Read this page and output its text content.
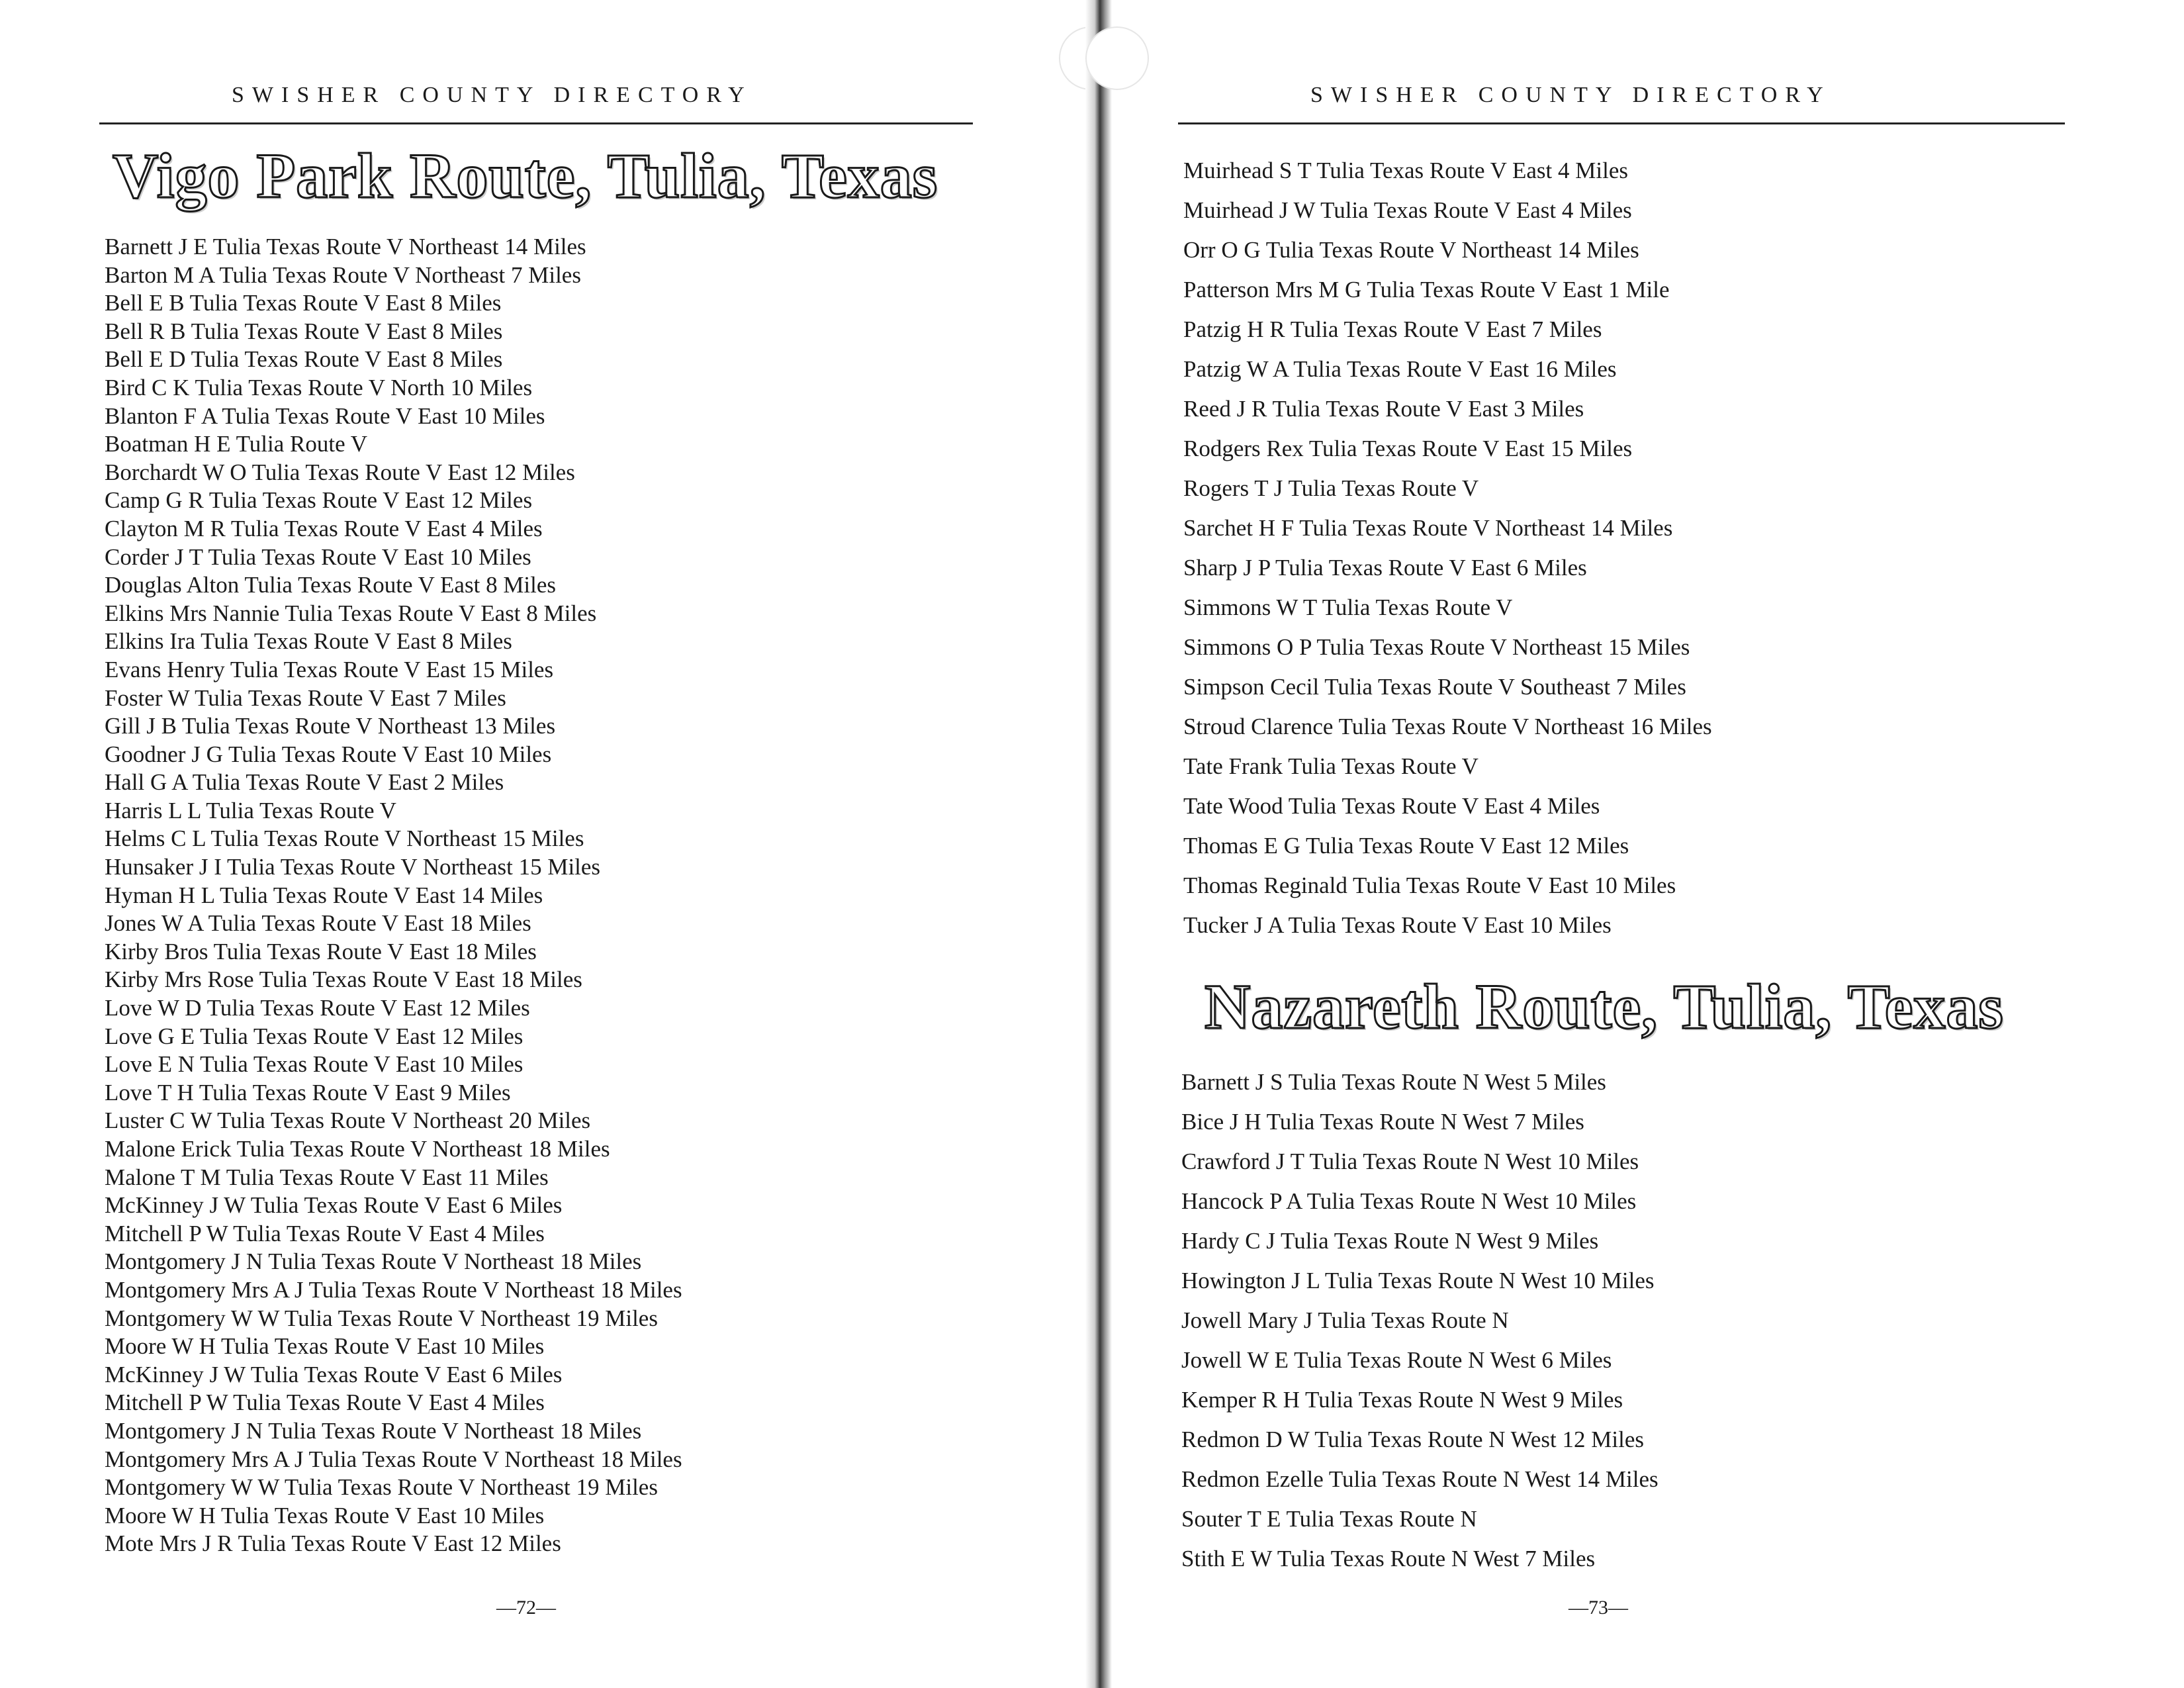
SWISHER COUNTY DIRECTORY
Vigo Park Route, Tulia, Texas
Barnett J E Tulia Texas Route V Northeast 14 Miles
Barton M A Tulia Texas Route V Northeast 7 Miles
Bell E B Tulia Texas Route V East 8 Miles
Bell R B Tulia Texas Route V East 8 Miles
Bell E D Tulia Texas Route V East 8 Miles
Bird C K Tulia Texas Route V North 10 Miles
Blanton F A Tulia Texas Route V East 10 Miles
Boatman H E Tulia Route V
Borchardt W O Tulia Texas Route V East 12 Miles
Camp G R Tulia Texas Route V East 12 Miles
Clayton M R Tulia Texas Route V East 4 Miles
Corder J T Tulia Texas Route V East 10 Miles
Douglas Alton Tulia Texas Route V East 8 Miles
Elkins Mrs Nannie Tulia Texas Route V East 8 Miles
Elkins Ira Tulia Texas Route V East 8 Miles
Evans Henry Tulia Texas Route V East 15 Miles
Foster W Tulia Texas Route V East 7 Miles
Gill J B Tulia Texas Route V Northeast 13 Miles
Goodner J G Tulia Texas Route V East 10 Miles
Hall G A Tulia Texas Route V East 2 Miles
Harris L L Tulia Texas Route V
Helms C L Tulia Texas Route V Northeast 15 Miles
Hunsaker J I Tulia Texas Route V Northeast 15 Miles
Hyman H L Tulia Texas Route V East 14 Miles
Jones W A Tulia Texas Route V East 18 Miles
Kirby Bros Tulia Texas Route V East 18 Miles
Kirby Mrs Rose Tulia Texas Route V East 18 Miles
Love W D Tulia Texas Route V East 12 Miles
Love G E Tulia Texas Route V East 12 Miles
Love E N Tulia Texas Route V East 10 Miles
Love T H Tulia Texas Route V East 9 Miles
Luster C W Tulia Texas Route V Northeast 20 Miles
Malone Erick Tulia Texas Route V Northeast 18 Miles
Malone T M Tulia Texas Route V East 11 Miles
McKinney J W Tulia Texas Route V East 6 Miles
Mitchell P W Tulia Texas Route V East 4 Miles
Montgomery J N Tulia Texas Route V Northeast 18 Miles
Montgomery Mrs A J Tulia Texas Route V Northeast 18 Miles
Montgomery W W Tulia Texas Route V Northeast 19 Miles
Moore W H Tulia Texas Route V East 10 Miles
McKinney J W Tulia Texas Route V East 6 Miles
Mitchell P W Tulia Texas Route V East 4 Miles
Montgomery J N Tulia Texas Route V Northeast 18 Miles
Montgomery Mrs A J Tulia Texas Route V Northeast 18 Miles
Montgomery W W Tulia Texas Route V Northeast 19 Miles
Moore W H Tulia Texas Route V East 10 Miles
Mote Mrs J R Tulia Texas Route V East 12 Miles
—72—
SWISHER COUNTY DIRECTORY
Muirhead S T Tulia Texas Route V East 4 Miles
Muirhead J W Tulia Texas Route V East 4 Miles
Orr O G Tulia Texas Route V Northeast 14 Miles
Patterson Mrs M G Tulia Texas Route V East 1 Mile
Patzig H R Tulia Texas Route V East 7 Miles
Patzig W A Tulia Texas Route V East 16 Miles
Reed J R Tulia Texas Route V East 3 Miles
Rodgers Rex Tulia Texas Route V East 15 Miles
Rogers T J Tulia Texas Route V
Sarchet H F Tulia Texas Route V Northeast 14 Miles
Sharp J P Tulia Texas Route V East 6 Miles
Simmons W T Tulia Texas Route V
Simmons O P Tulia Texas Route V Northeast 15 Miles
Simpson Cecil Tulia Texas Route V Southeast 7 Miles
Stroud Clarence Tulia Texas Route V Northeast 16 Miles
Tate Frank Tulia Texas Route V
Tate Wood Tulia Texas Route V East 4 Miles
Thomas E G Tulia Texas Route V East 12 Miles
Thomas Reginald Tulia Texas Route V East 10 Miles
Tucker J A Tulia Texas Route V East 10 Miles
Nazareth Route, Tulia, Texas
Barnett J S Tulia Texas Route N West 5 Miles
Bice J H Tulia Texas Route N West 7 Miles
Crawford J T Tulia Texas Route N West 10 Miles
Hancock P A Tulia Texas Route N West 10 Miles
Hardy C J Tulia Texas Route N West 9 Miles
Howington J L Tulia Texas Route N West 10 Miles
Jowell Mary J Tulia Texas Route N
Jowell W E Tulia Texas Route N West 6 Miles
Kemper R H Tulia Texas Route N West 9 Miles
Redmon D W Tulia Texas Route N West 12 Miles
Redmon Ezelle Tulia Texas Route N West 14 Miles
Souter T E Tulia Texas Route N
Stith E W Tulia Texas Route N West 7 Miles
—73—
